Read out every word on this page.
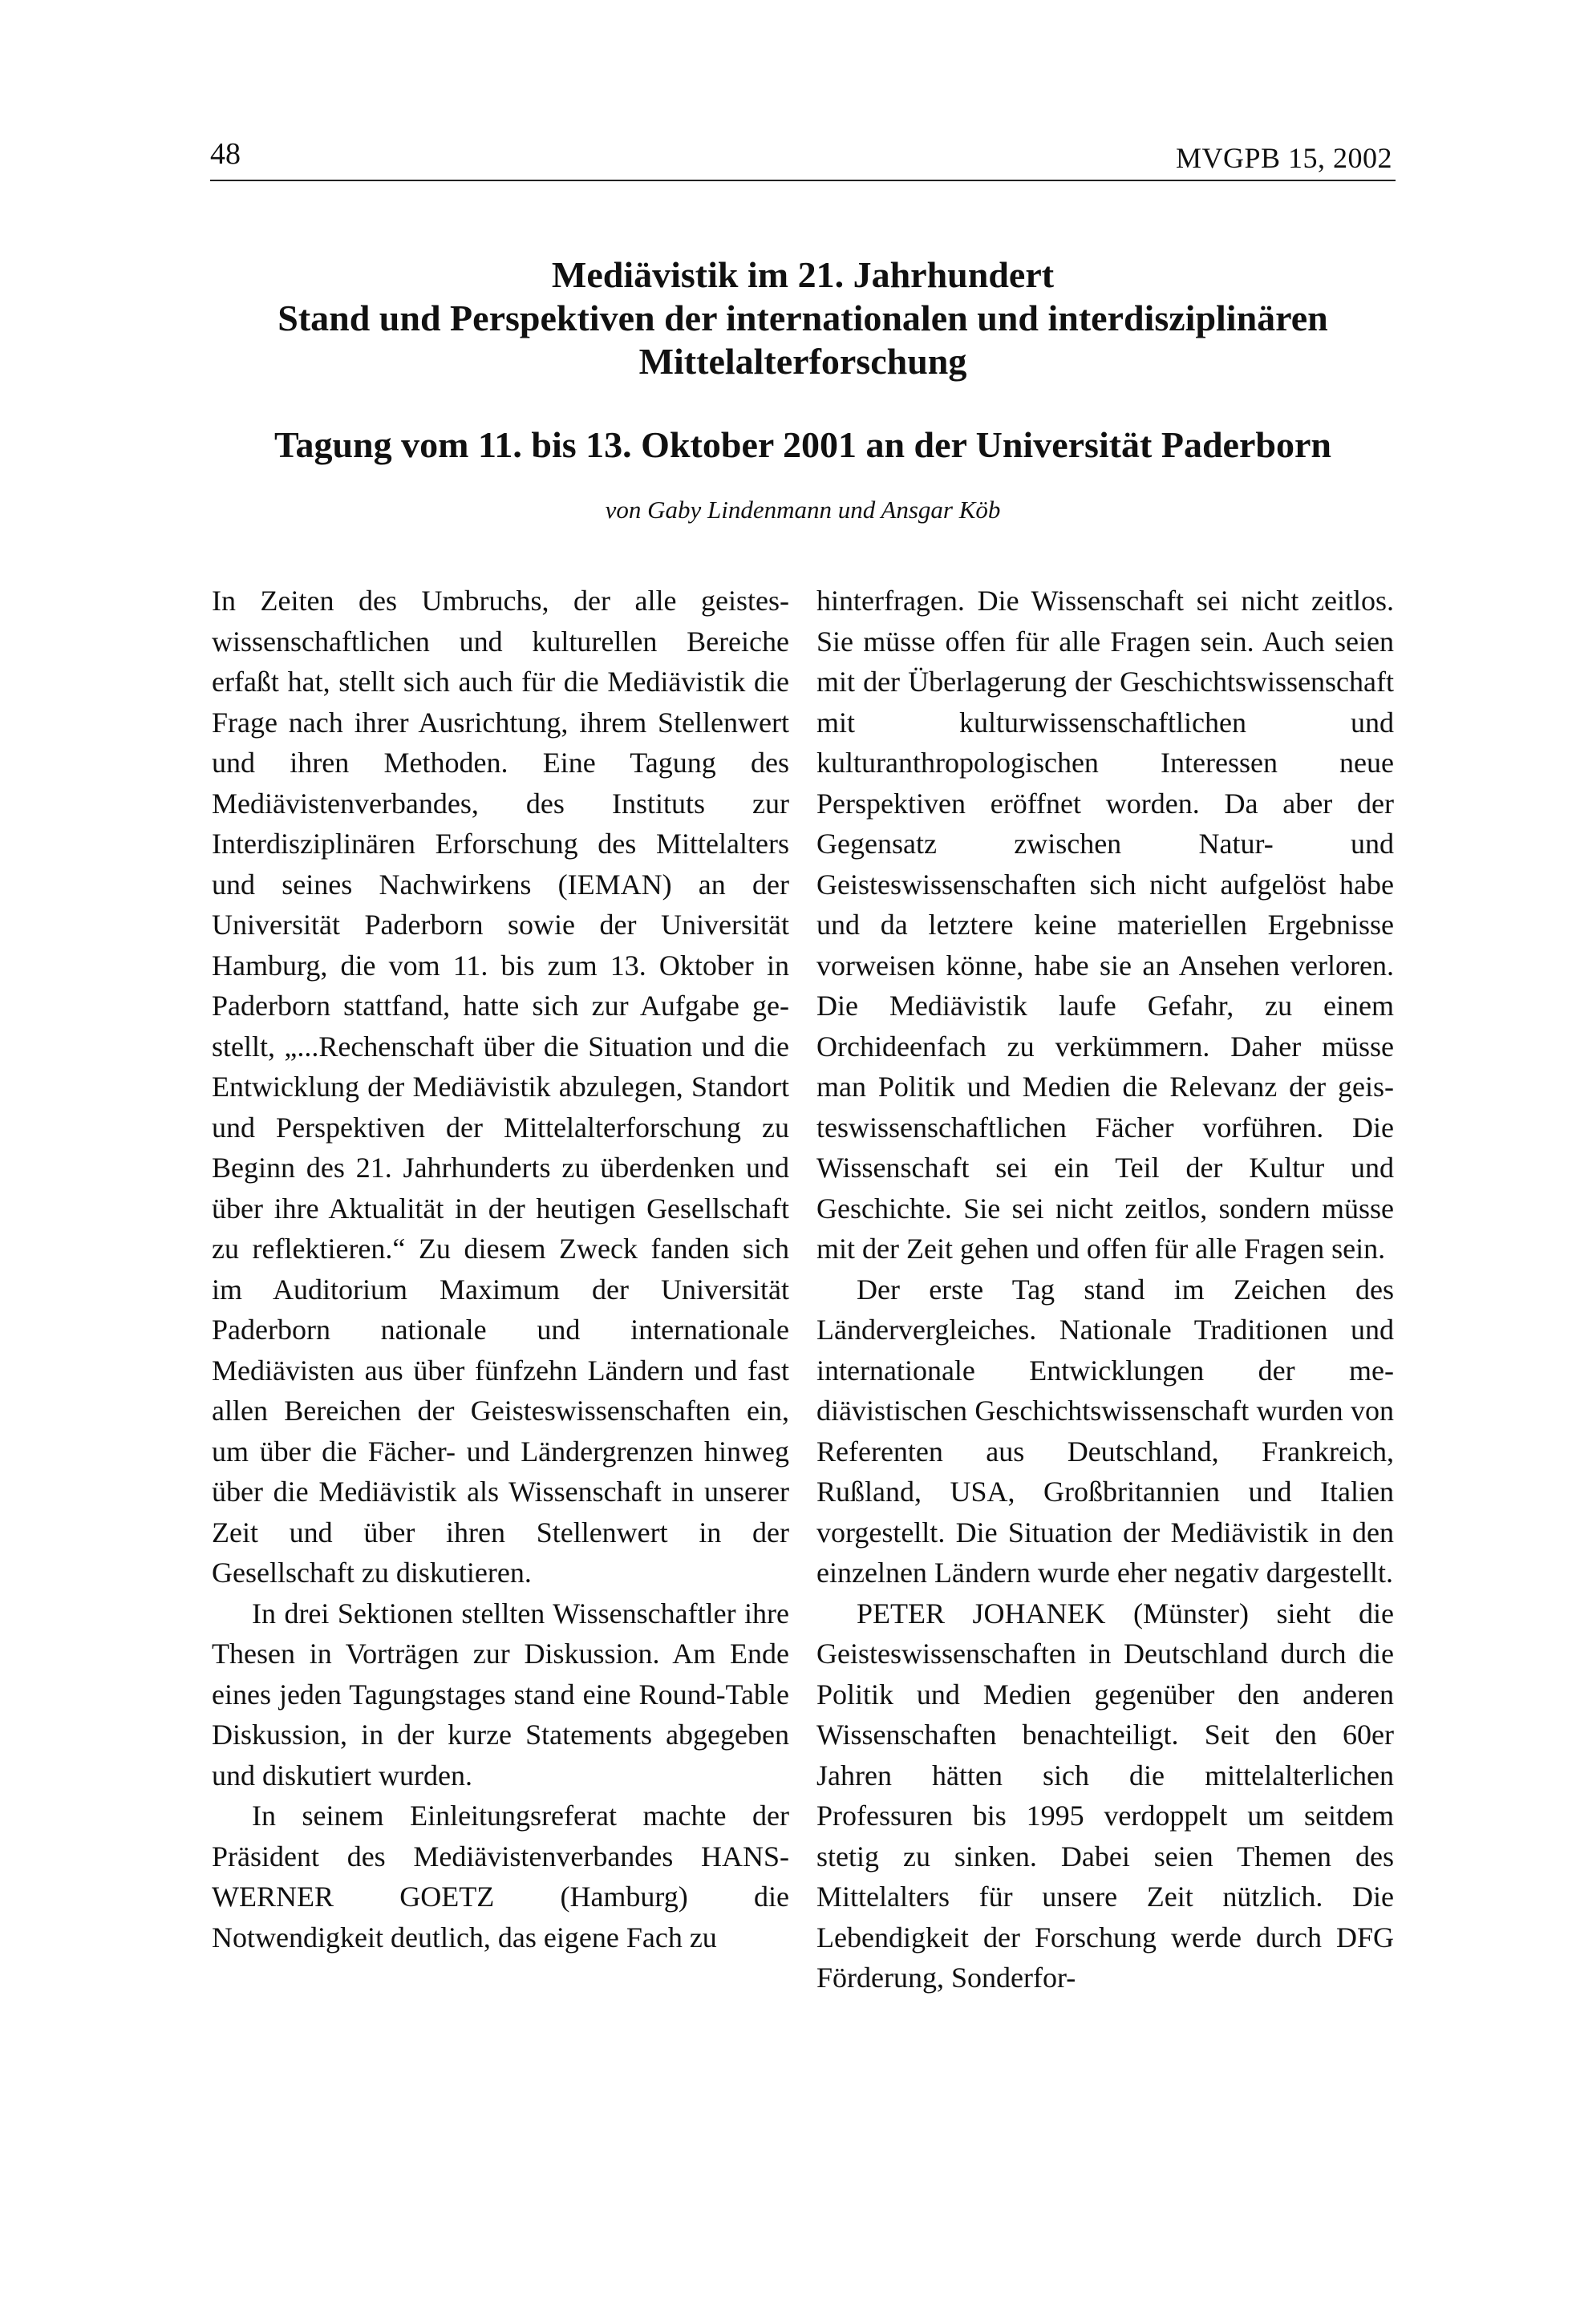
48	MVGPB 15, 2002
Mediävistik im 21. Jahrhundert
Stand und Perspektiven der internationalen und interdisziplinären
Mittelalterforschung
Tagung vom 11. bis 13. Oktober 2001 an der Universität Paderborn
von Gaby Lindenmann und Ansgar Köb

In Zeiten des Umbruchs, der alle geisteswissenschaftlichen und kulturellen Bereiche erfaßt hat, stellt sich auch für die Mediävistik die Frage nach ihrer Ausrichtung, ihrem Stellenwert und ihren Methoden. Eine Tagung des Mediävistenverbandes, des Instituts zur Interdisziplinären Erforschung des Mittelalters und seines Nachwirkens (IEMAN) an der Universität Paderborn sowie der Universität Hamburg, die vom 11. bis zum 13. Oktober in Paderborn stattfand, hatte sich zur Aufgabe gestellt, „...Rechenschaft über die Situation und die Entwicklung der Mediävistik abzulegen, Standort und Perspektiven der Mittelalterforschung zu Beginn des 21. Jahrhunderts zu überdenken und über ihre Aktualität in der heutigen Gesellschaft zu reflektieren.“ Zu diesem Zweck fanden sich im Auditorium Maximum der Universität Paderborn nationale und internationale Mediävisten aus über fünfzehn Ländern und fast allen Bereichen der Geisteswissenschaften ein, um über die Fächer- und Ländergrenzen hinweg über die Mediävistik als Wissenschaft in unserer Zeit und über ihren Stellenwert in der Gesellschaft zu diskutieren.

In drei Sektionen stellten Wissenschaftler ihre Thesen in Vorträgen zur Diskussion. Am Ende eines jeden Tagungstages stand eine Round-Table Diskussion, in der kurze Statements abgegeben und diskutiert wurden.

In seinem Einleitungsreferat machte der Präsident des Mediävistenverbandes HANS-WERNER GOETZ (Hamburg) die Notwendigkeit deutlich, das eigene Fach zu

hinterfragen. Die Wissenschaft sei nicht zeitlos. Sie müsse offen für alle Fragen sein. Auch seien mit der Überlagerung der Geschichtswissenschaft mit kulturwissenschaftlichen und kulturanthropologischen Interessen neue Perspektiven eröffnet worden. Da aber der Gegensatz zwischen Natur- und Geisteswissenschaften sich nicht aufgelöst habe und da letztere keine materiellen Ergebnisse vorweisen könne, habe sie an Ansehen verloren. Die Mediävistik laufe Gefahr, zu einem Orchideenfach zu verkümmern. Daher müsse man Politik und Medien die Relevanz der geisteswissenschaftlichen Fächer vorführen. Die Wissenschaft sei ein Teil der Kultur und Geschichte. Sie sei nicht zeitlos, sondern müsse mit der Zeit gehen und offen für alle Fragen sein.

Der erste Tag stand im Zeichen des Ländervergleiches. Nationale Traditionen und internationale Entwicklungen der mediävistischen Geschichtswissenschaft wurden von Referenten aus Deutschland, Frankreich, Rußland, USA, Großbritannien und Italien vorgestellt. Die Situation der Mediävistik in den einzelnen Ländern wurde eher negativ dargestellt.

PETER JOHANEK (Münster) sieht die Geisteswissenschaften in Deutschland durch die Politik und Medien gegenüber den anderen Wissenschaften benachteiligt. Seit den 60er Jahren hätten sich die mittelalterlichen Professuren bis 1995 verdoppelt um seitdem stetig zu sinken. Dabei seien Themen des Mittelalters für unsere Zeit nützlich. Die Lebendigkeit der Forschung werde durch DFG Förderung, Sonderfor-
